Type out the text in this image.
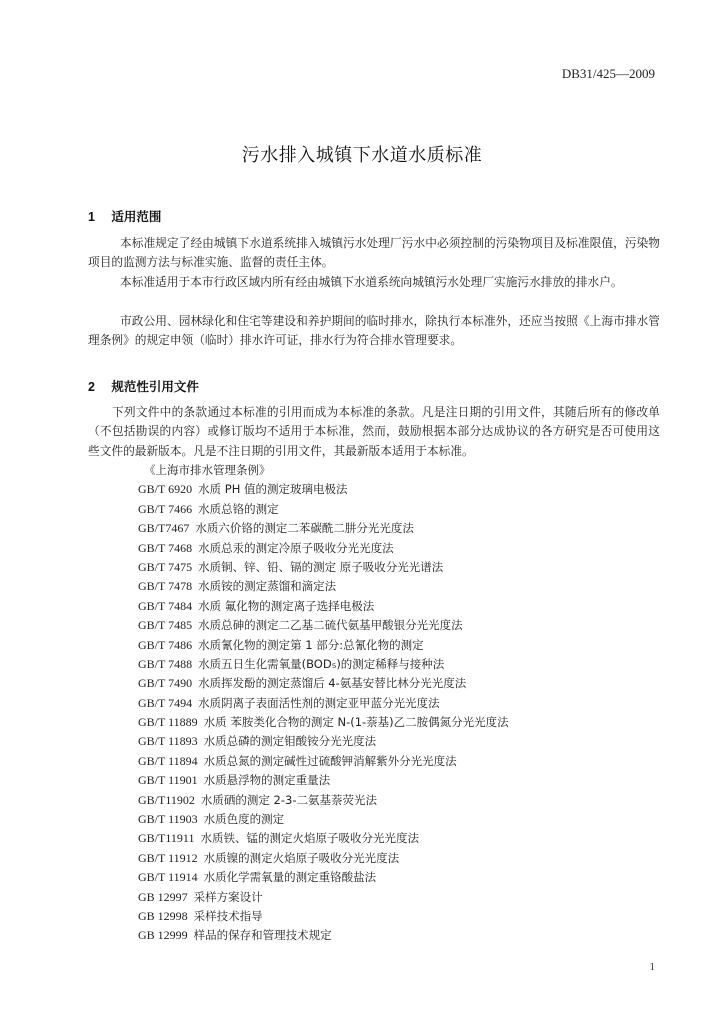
DB31/425—2009
污水排入城镇下水道水质标准
1 适用范围
本标准规定了经由城镇下水道系统排入城镇污水处理厂污水中必须控制的污染物项目及标准限值，污染物项目的监测方法与标准实施、监督的责任主体。
本标准适用于本市行政区域内所有经由城镇下水道系统向城镇污水处理厂实施污水排放的排水户。
市政公用、园林绿化和住宅等建设和养护期间的临时排水，除执行本标准外，还应当按照《上海市排水管理条例》的规定申领（临时）排水许可证，排水行为符合排水管理要求。
2 规范性引用文件
下列文件中的条款通过本标准的引用而成为本标准的条款。凡是注日期的引用文件，其随后所有的修改单（不包括勘误的内容）或修订版均不适用于本标准，然而，鼓励根据本部分达成协议的各方研究是否可使用这些文件的最新版本。凡是不注日期的引用文件，其最新版本适用于本标准。
《上海市排水管理条例》
GB/T 6920 水质 PH 值的测定玻璃电极法
GB/T 7466 水质总铬的测定
GB/T7467 水质六价铬的测定二苯碳酰二肼分光光度法
GB/T 7468 水质总汞的测定冷原子吸收分光光度法
GB/T 7475 水质铜、锌、铅、镉的测定 原子吸收分光光谱法
GB/T 7478 水质铵的测定蒸馏和滴定法
GB/T 7484 水质 氟化物的测定离子选择电极法
GB/T 7485 水质总砷的测定二乙基二硫代氨基甲酸银分光光度法
GB/T 7486 水质氰化物的测定第 1 部分:总氰化物的测定
GB/T 7488 水质五日生化需氧量(BOD₅)的测定稀释与接种法
GB/T 7490 水质挥发酚的测定蒸馏后 4-氨基安替比林分光光度法
GB/T 7494 水质阴离子表面活性剂的测定亚甲蓝分光光度法
GB/T 11889 水质 苯胺类化合物的测定 N-(1-萘基)乙二胺偶氮分光光度法
GB/T 11893 水质总磷的测定钼酸铵分光光度法
GB/T 11894 水质总氮的测定碱性过硫酸钾消解紫外分光光度法
GB/T 11901 水质悬浮物的测定重量法
GB/T11902 水质硒的测定 2-3-二氨基萘荧光法
GB/T 11903 水质色度的测定
GB/T11911 水质铁、锰的测定火焰原子吸收分光光度法
GB/T 11912 水质镍的测定火焰原子吸收分光光度法
GB/T 11914 水质化学需氧量的测定重铬酸盐法
GB 12997 采样方案设计
GB 12998 采样技术指导
GB 12999 样品的保存和管理技术规定
1
